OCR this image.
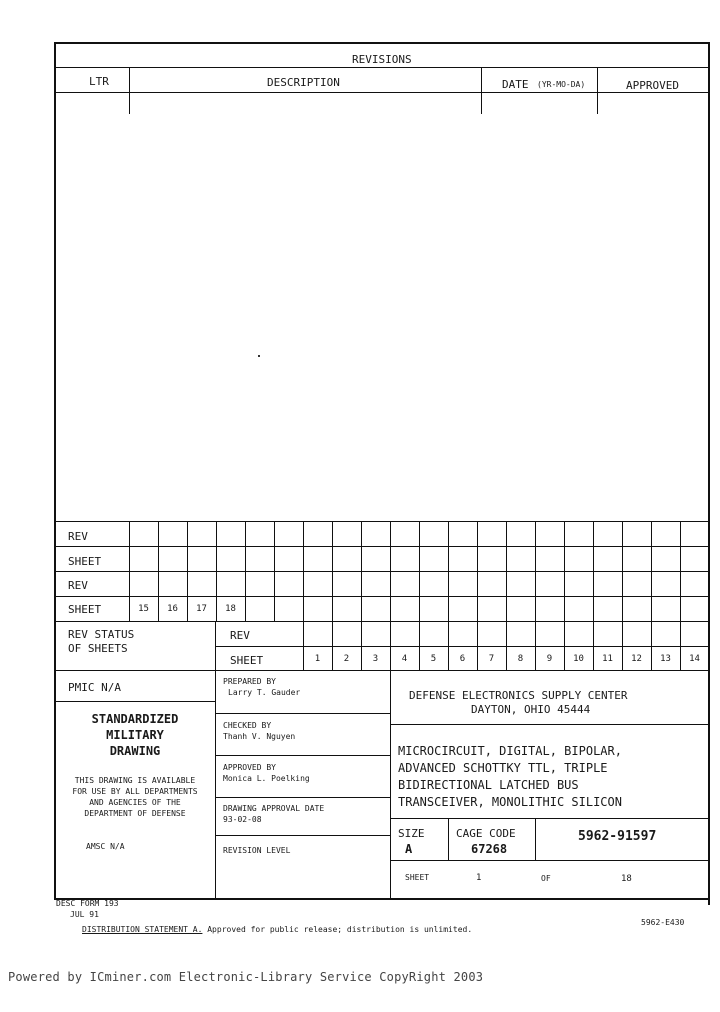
REVISIONS
LTR	DESCRIPTION	DATE (YR-MO-DA)	APPROVED
REV
SHEET
REV
SHEET	15	16	17	18
REV STATUS
OF SHEETS
REV
SHEET	1	2	3	4	5	6	7	8	9	10	11	12	13	14
PMIC N/A
STANDARDIZED
MILITARY
DRAWING
THIS DRAWING IS AVAILABLE
FOR USE BY ALL DEPARTMENTS
AND AGENCIES OF THE
DEPARTMENT OF DEFENSE
AMSC N/A
PREPARED BY
Larry T. Gauder
CHECKED BY
Thanh V. Nguyen
APPROVED BY
Monica L. Poelking
DRAWING APPROVAL DATE
93-02-08
REVISION LEVEL
DEFENSE ELECTRONICS SUPPLY CENTER
DAYTON, OHIO 45444
MICROCIRCUIT, DIGITAL, BIPOLAR,
ADVANCED SCHOTTKY TTL, TRIPLE
BIDIRECTIONAL LATCHED BUS
TRANSCEIVER, MONOLITHIC SILICON
SIZE
A
CAGE CODE
67268
5962-91597
SHEET	1	OF	18
DESC FORM 193
JUL 91
DISTRIBUTION STATEMENT A. Approved for public release; distribution is unlimited.
5962-E430
Powered by ICminer.com Electronic-Library Service CopyRight 2003
